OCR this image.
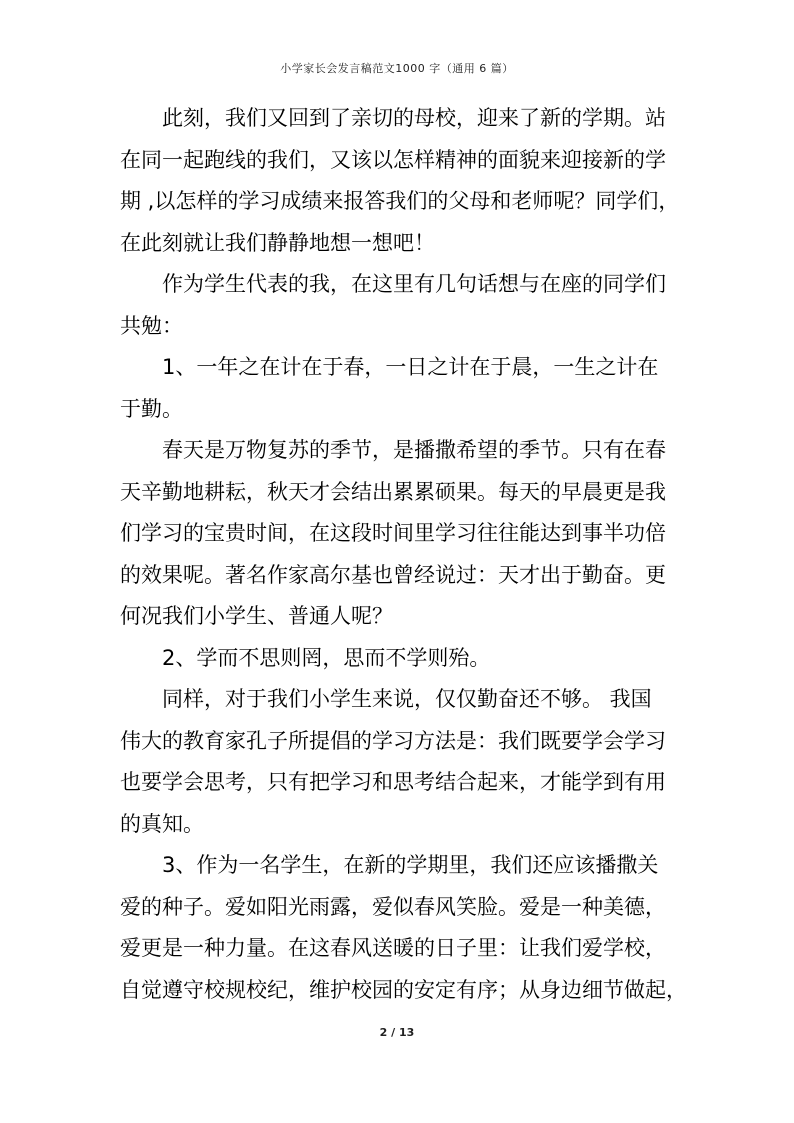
小学家长会发言稿范文1000 字（通用 6 篇）
此刻，我们又回到了亲切的母校，迎来了新的学期。站
在同一起跑线的我们，又该以怎样精神的面貌来迎接新的学
期 ,以怎样的学习成绩来报答我们的父母和老师呢？同学们，
在此刻就让我们静静地想一想吧！
作为学生代表的我，在这里有几句话想与在座的同学们
共勉：
1、一年之在计在于春，一日之计在于晨，一生之计在
于勤。
春天是万物复苏的季节，是播撒希望的季节。只有在春
天辛勤地耕耘，秋天才会结出累累硕果。每天的早晨更是我
们学习的宝贵时间，在这段时间里学习往往能达到事半功倍
的效果呢。著名作家高尔基也曾经说过：天才出于勤奋。更
何况我们小学生、普通人呢？
2、学而不思则罔，思而不学则殆。
同样，对于我们小学生来说，仅仅勤奋还不够。 我国
伟大的教育家孔子所提倡的学习方法是：我们既要学会学习
也要学会思考，只有把学习和思考结合起来，才能学到有用
的真知。
3、作为一名学生，在新的学期里，我们还应该播撒关
爱的种子。爱如阳光雨露，爱似春风笑脸。爱是一种美德，
爱更是一种力量。在这春风送暖的日子里：让我们爱学校，
自觉遵守校规校纪，维护校园的安定有序；从身边细节做起，
2 / 13
